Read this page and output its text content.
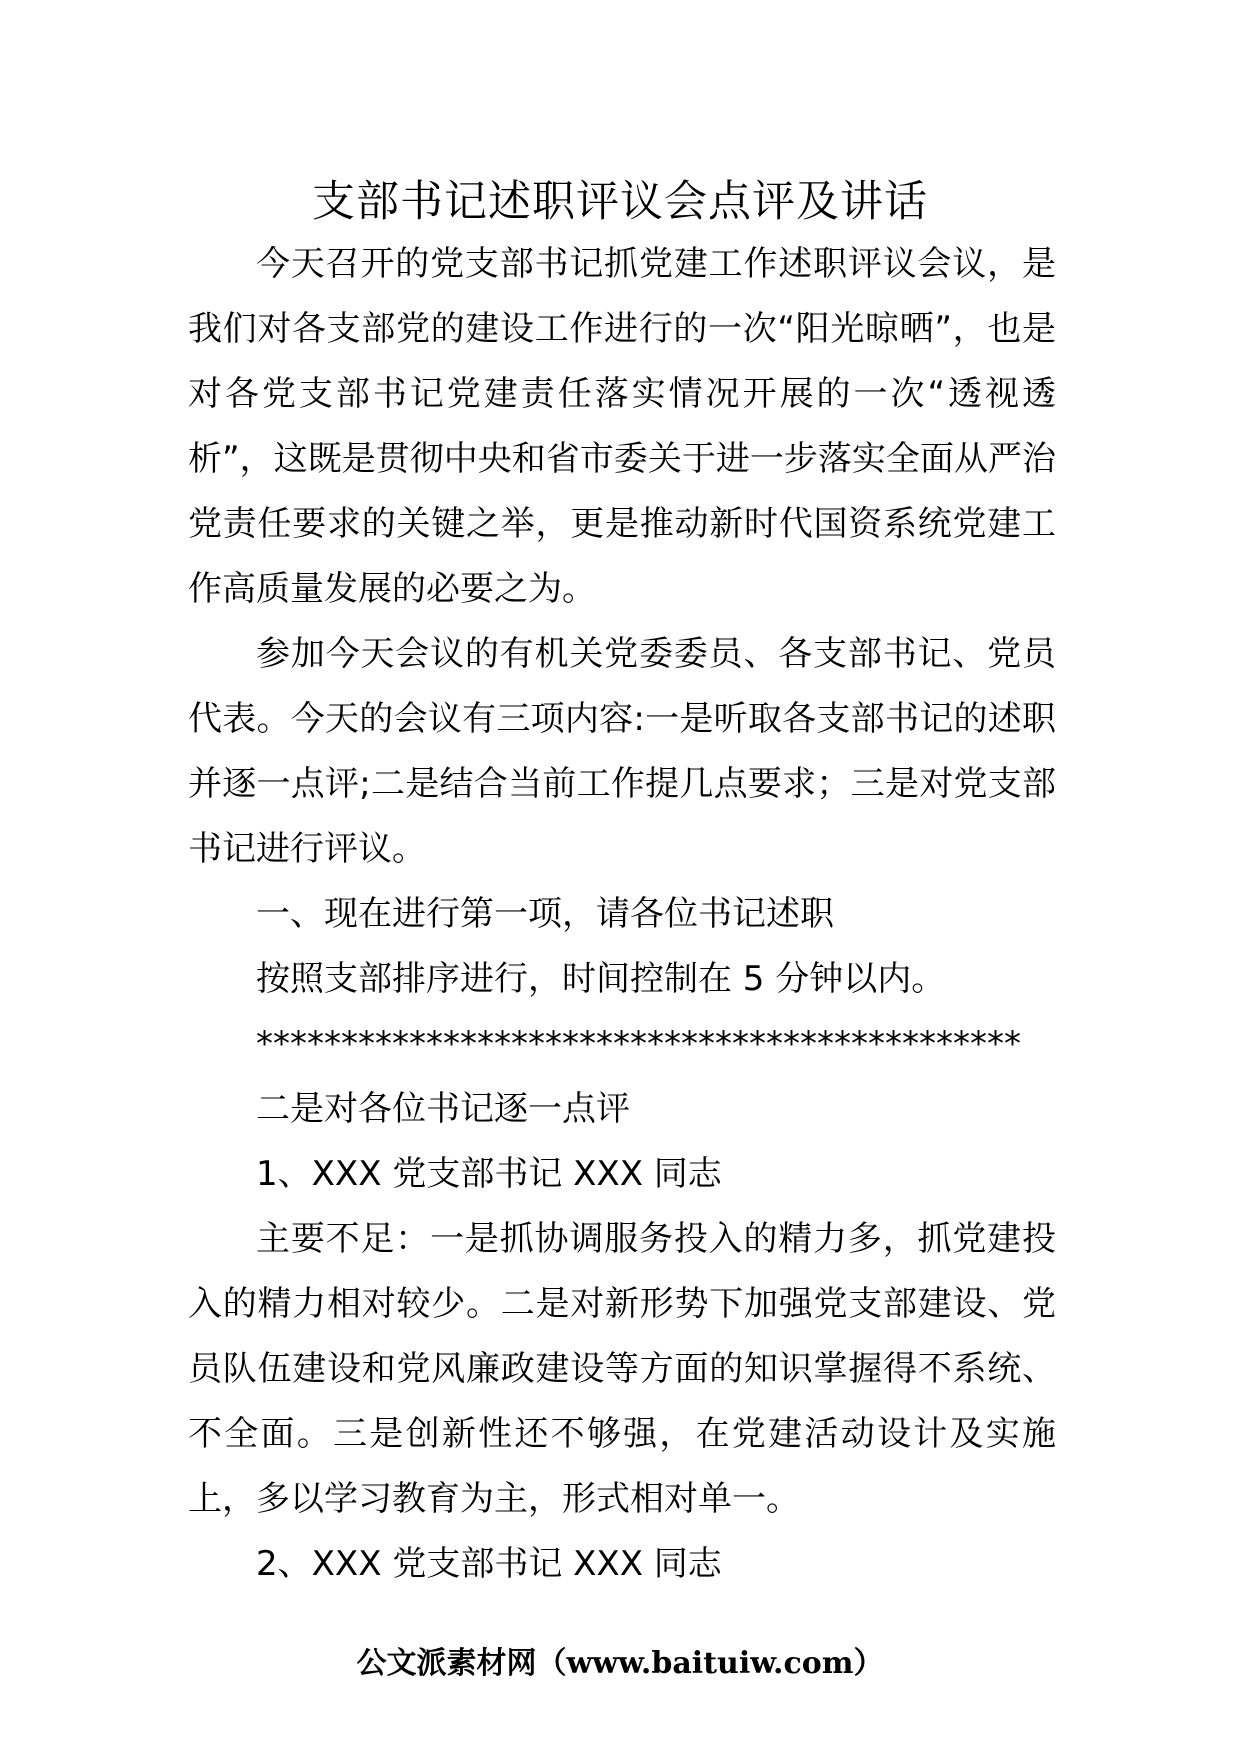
支部书记述职评议会点评及讲话

今天召开的党支部书记抓党建工作述职评议会议，是我们对各支部党的建设工作进行的一次“阳光晾晒”，也是对各党支部书记党建责任落实情况开展的一次“透视透析”，这既是贯彻中央和省市委关于进一步落实全面从严治党责任要求的关键之举，更是推动新时代国资系统党建工作高质量发展的必要之为。

参加今天会议的有机关党委委员、各支部书记、党员代表。今天的会议有三项内容:一是听取各支部书记的述职并逐一点评;二是结合当前工作提几点要求；三是对党支部书记进行评议。

一、现在进行第一项，请各位书记述职

按照支部排序进行，时间控制在 5 分钟以内。

*********************************************

二是对各位书记逐一点评

1、XXX 党支部书记 XXX 同志

主要不足：一是抓协调服务投入的精力多，抓党建投入的精力相对较少。二是对新形势下加强党支部建设、党员队伍建设和党风廉政建设等方面的知识掌握得不系统、不全面。三是创新性还不够强，在党建活动设计及实施上，多以学习教育为主，形式相对单一。

2、XXX 党支部书记 XXX 同志

公文派素材网（www.baituiw.com）
